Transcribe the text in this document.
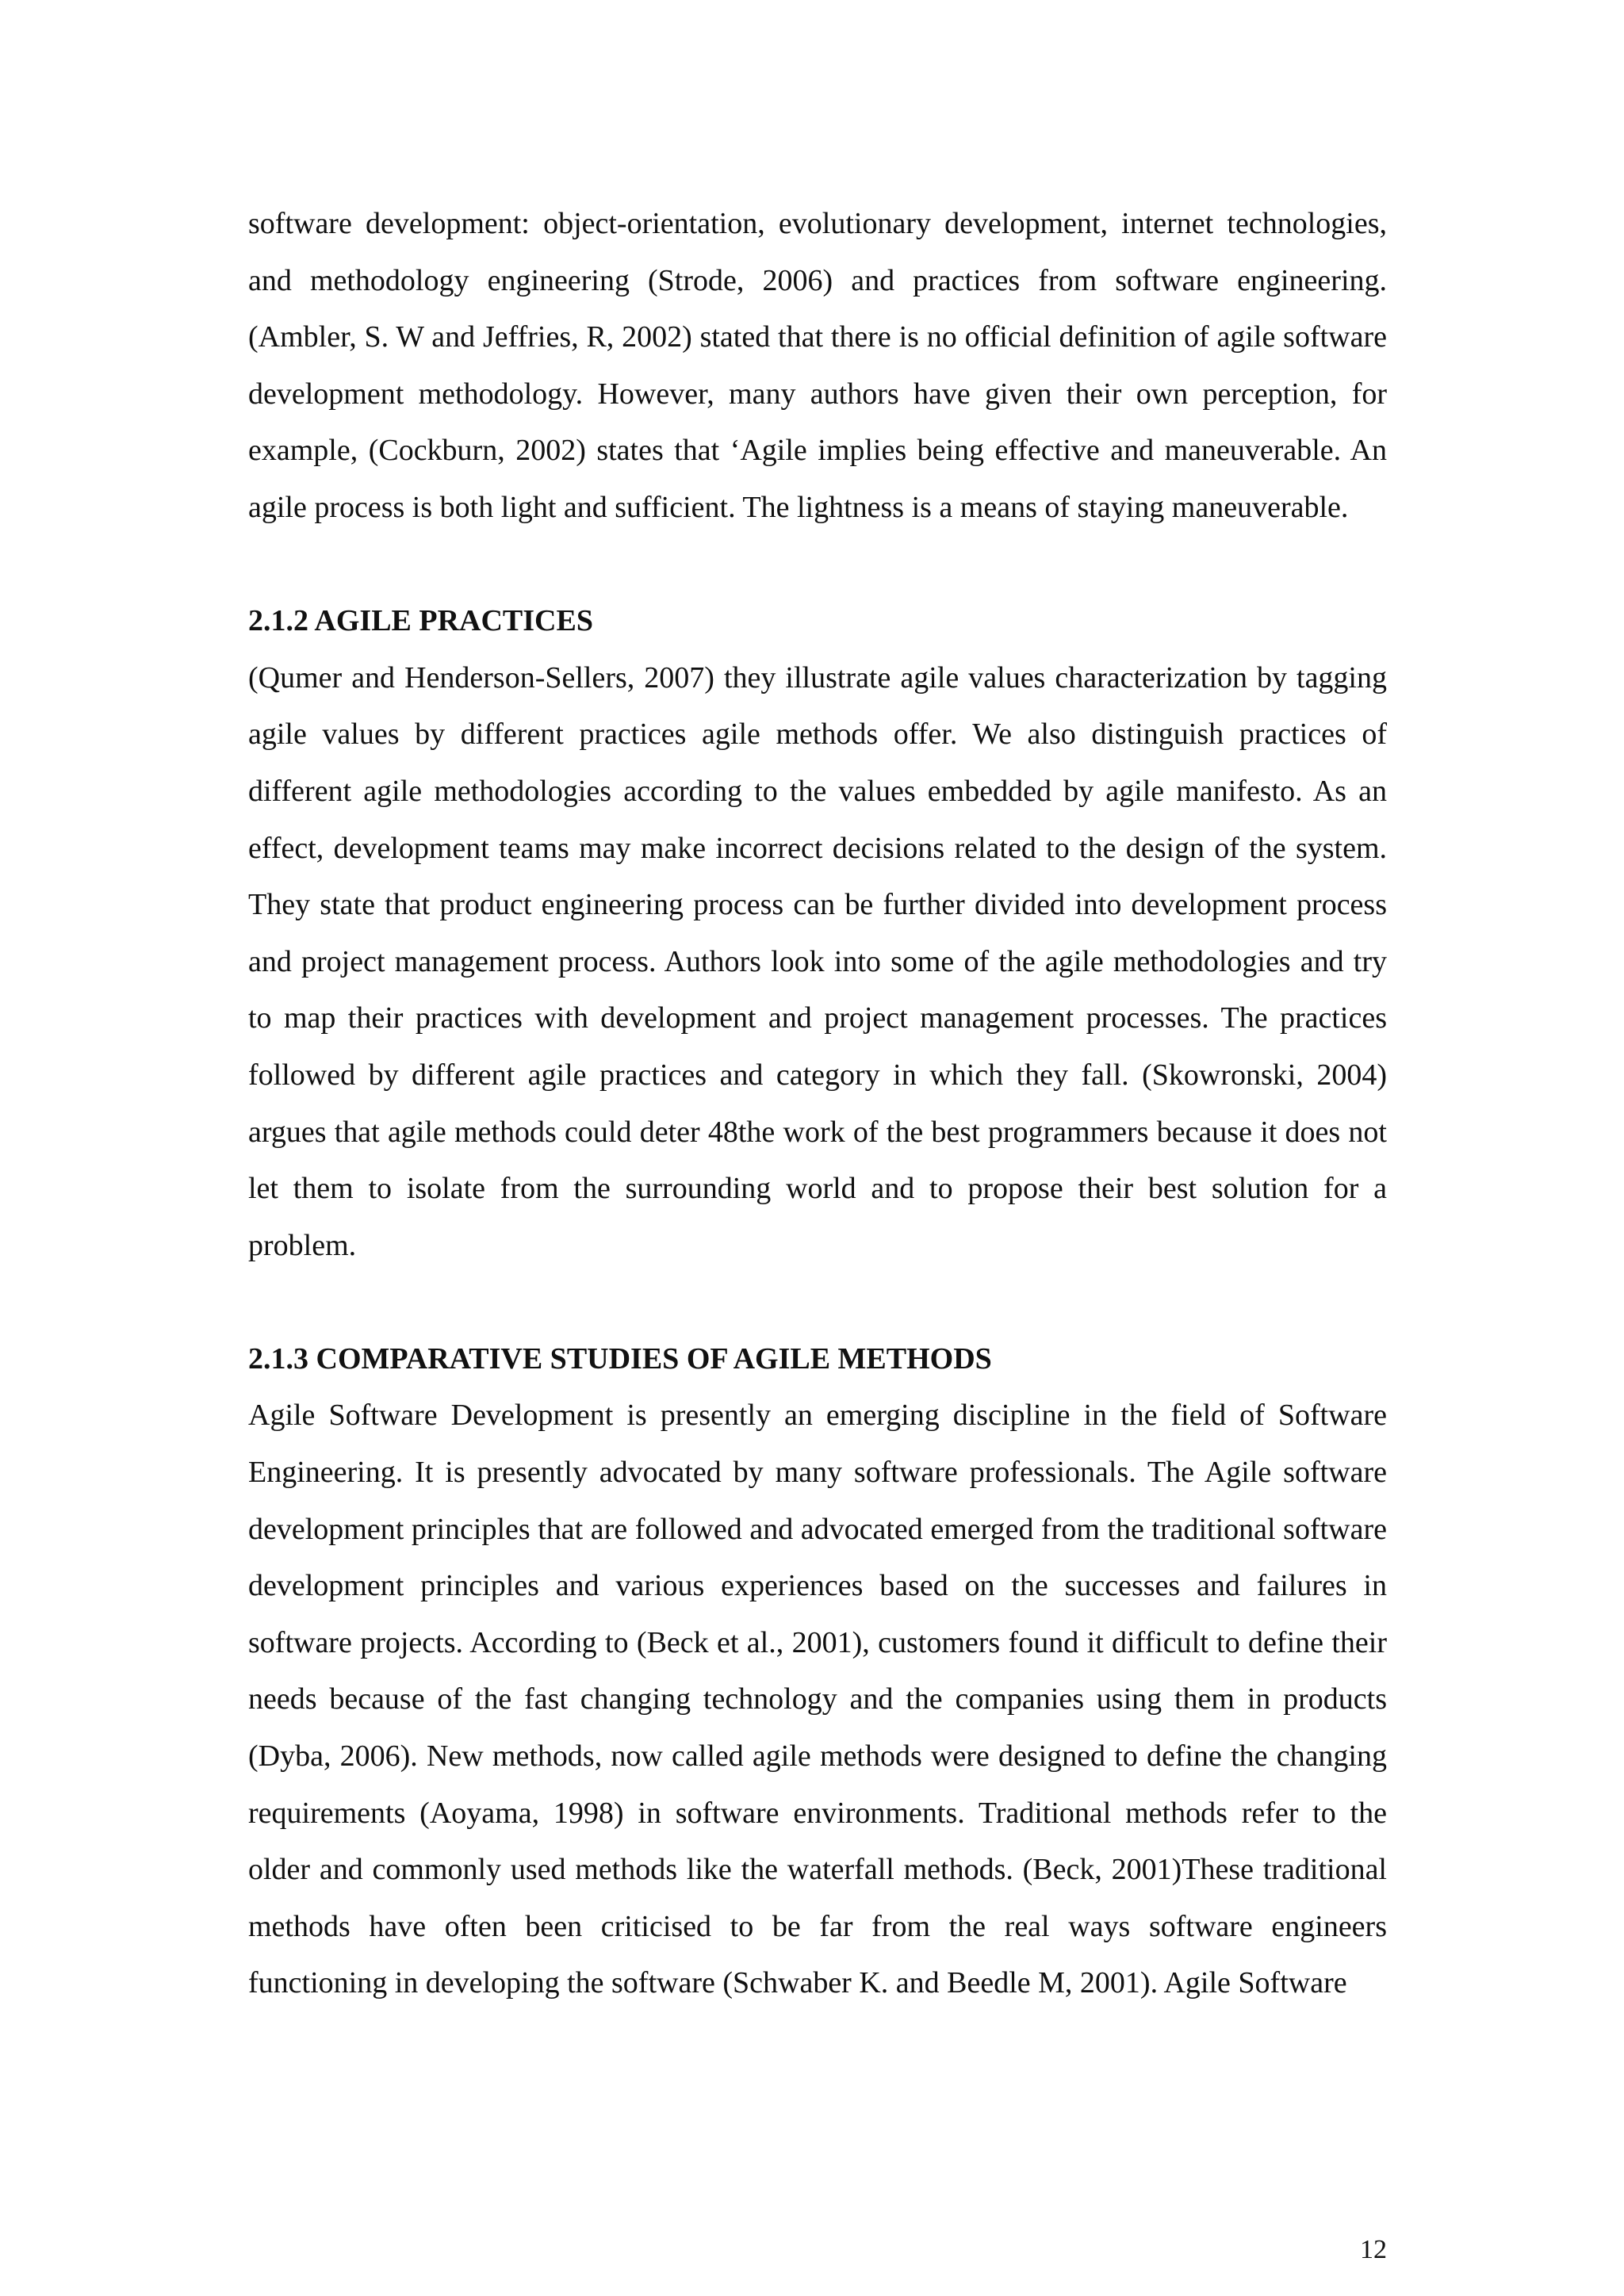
software development: object-orientation, evolutionary development, internet technologies, and methodology engineering (Strode, 2006) and practices from software engineering. (Ambler, S. W and Jeffries, R, 2002) stated that there is no official definition of agile software development methodology. However, many authors have given their own perception, for example, (Cockburn, 2002) states that ‘Agile implies being effective and maneuverable. An agile process is both light and sufficient. The lightness is a means of staying maneuverable.

2.1.2 AGILE PRACTICES

(Qumer and Henderson-Sellers, 2007) they illustrate agile values characterization by tagging agile values by different practices agile methods offer. We also distinguish practices of different agile methodologies according to the values embedded by agile manifesto. As an effect, development teams may make incorrect decisions related to the design of the system. They state that product engineering process can be further divided into development process and project management process. Authors look into some of the agile methodologies and try to map their practices with development and project management processes. The practices followed by different agile practices and category in which they fall. (Skowronski, 2004) argues that agile methods could deter 48the work of the best programmers because it does not let them to isolate from the surrounding world and to propose their best solution for a problem.

2.1.3 COMPARATIVE STUDIES OF AGILE METHODS

Agile Software Development is presently an emerging discipline in the field of Software Engineering. It is presently advocated by many software professionals. The Agile software development principles that are followed and advocated emerged from the traditional software development principles and various experiences based on the successes and failures in software projects. According to (Beck et al., 2001), customers found it difficult to define their needs because of the fast changing technology and the companies using them in products (Dyba, 2006). New methods, now called agile methods were designed to define the changing requirements (Aoyama, 1998) in software environments. Traditional methods refer to the older and commonly used methods like the waterfall methods. (Beck, 2001)These traditional methods have often been criticised to be far from the real ways software engineers functioning in developing the software (Schwaber K. and Beedle M, 2001). Agile Software

12
